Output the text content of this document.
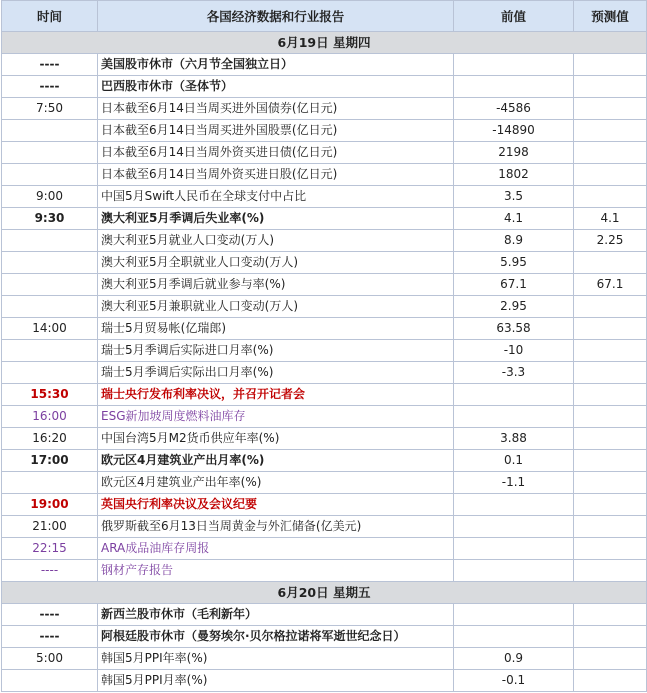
时间	各国经济数据和行业报告	前值	预测值
6月19日 星期四			
----	美国股市休市（六月节全国独立日）		
----	巴西股市休市（圣体节）		
7:50	日本截至6月14日当周买进外国债券(亿日元)	-4586	
	日本截至6月14日当周买进外国股票(亿日元)	-14890	
	日本截至6月14日当周外资买进日债(亿日元)	2198	
	日本截至6月14日当周外资买进日股(亿日元)	1802	
9:00	中国5月Swift人民币在全球支付中占比	3.5	
9:30	澳大利亚5月季调后失业率(%)	4.1	4.1
	澳大利亚5月就业人口变动(万人)	8.9	2.25
	澳大利亚5月全职就业人口变动(万人)	5.95	
	澳大利亚5月季调后就业参与率(%)	67.1	67.1
	澳大利亚5月兼职就业人口变动(万人)	2.95	
14:00	瑞士5月贸易帐(亿瑞郎)	63.58	
	瑞士5月季调后实际进口月率(%)	-10	
	瑞士5月季调后实际出口月率(%)	-3.3	
15:30	瑞士央行发布利率决议，并召开记者会		
16:00	ESG新加坡周度燃料油库存		
16:20	中国台湾5月M2货币供应年率(%)	3.88	
17:00	欧元区4月建筑业产出月率(%)	0.1	
	欧元区4月建筑业产出年率(%)	-1.1	
19:00	英国央行利率决议及会议纪要		
21:00	俄罗斯截至6月13日当周黄金与外汇储备(亿美元)		
22:15	ARA成品油库存周报		
----	钢材产存报告		
6月20日 星期五			
----	新西兰股市休市（毛利新年）		
----	阿根廷股市休市（曼努埃尔·贝尔格拉诺将军逝世纪念日）		
5:00	韩国5月PPI年率(%)	0.9	
	韩国5月PPI月率(%)	-0.1	
